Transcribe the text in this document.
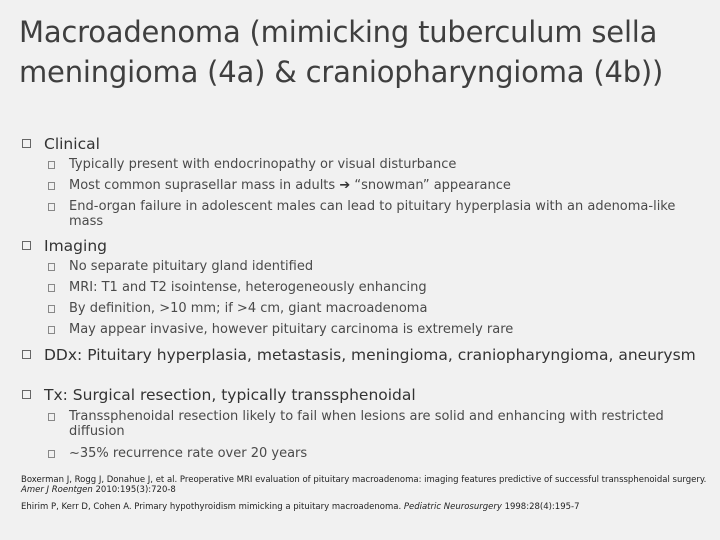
Macroadenoma (mimicking tuberculum sella
meningioma (4a) & craniopharyngioma (4b))
Clinical
Typically present with endocrinopathy or visual disturbance
Most common suprasellar mass in adults ➔ “snowman” appearance
End-organ failure in adolescent males can lead to pituitary hyperplasia with an adenoma-like mass
Imaging
No separate pituitary gland identified
MRI: T1 and T2 isointense, heterogeneously enhancing
By definition, >10 mm; if >4 cm, giant macroadenoma
May appear invasive, however pituitary carcinoma is extremely rare
DDx: Pituitary hyperplasia, metastasis, meningioma, craniopharyngioma, aneurysm
Tx: Surgical resection, typically transsphenoidal
Transsphenoidal resection likely to fail when lesions are solid and enhancing with restricted diffusion
~35% recurrence rate over 20 years
Boxerman J, Rogg J, Donahue J, et al. Preoperative MRI evaluation of pituitary macroadenoma: imaging features predictive of successful transsphenoidal surgery. Amer J Roentgen 2010:195(3):720-8
Ehirim P, Kerr D, Cohen A. Primary hypothyroidism mimicking a pituitary macroadenoma. Pediatric Neurosurgery 1998:28(4):195-7
